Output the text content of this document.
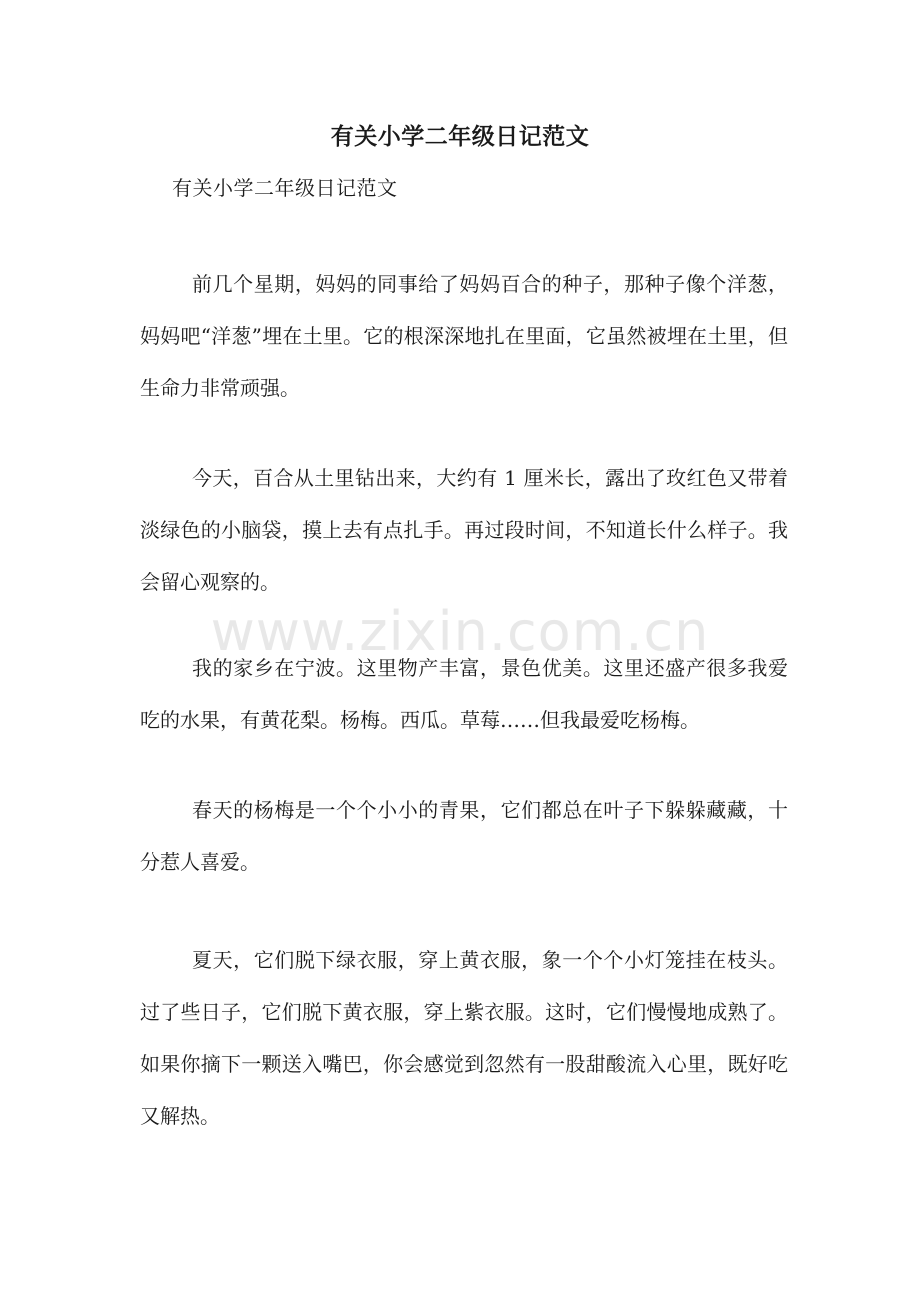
有关小学二年级日记范文
有关小学二年级日记范文
前几个星期，妈妈的同事给了妈妈百合的种子，那种子像个洋葱，妈妈吧“洋葱”埋在土里。它的根深深地扎在里面，它虽然被埋在土里，但生命力非常顽强。
今天，百合从土里钻出来，大约有 1 厘米长，露出了玫红色又带着淡绿色的小脑袋，摸上去有点扎手。再过段时间，不知道长什么样子。我会留心观察的。
我的家乡在宁波。这里物产丰富，景色优美。这里还盛产很多我爱吃的水果，有黄花梨。杨梅。西瓜。草莓……但我最爱吃杨梅。
春天的杨梅是一个个小小的青果，它们都总在叶子下躲躲藏藏，十分惹人喜爱。
夏天，它们脱下绿衣服，穿上黄衣服，象一个个小灯笼挂在枝头。过了些日子，它们脱下黄衣服，穿上紫衣服。这时，它们慢慢地成熟了。如果你摘下一颗送入嘴巴，你会感觉到忽然有一股甜酸流入心里，既好吃又解热。
www.zixin.com.cn
